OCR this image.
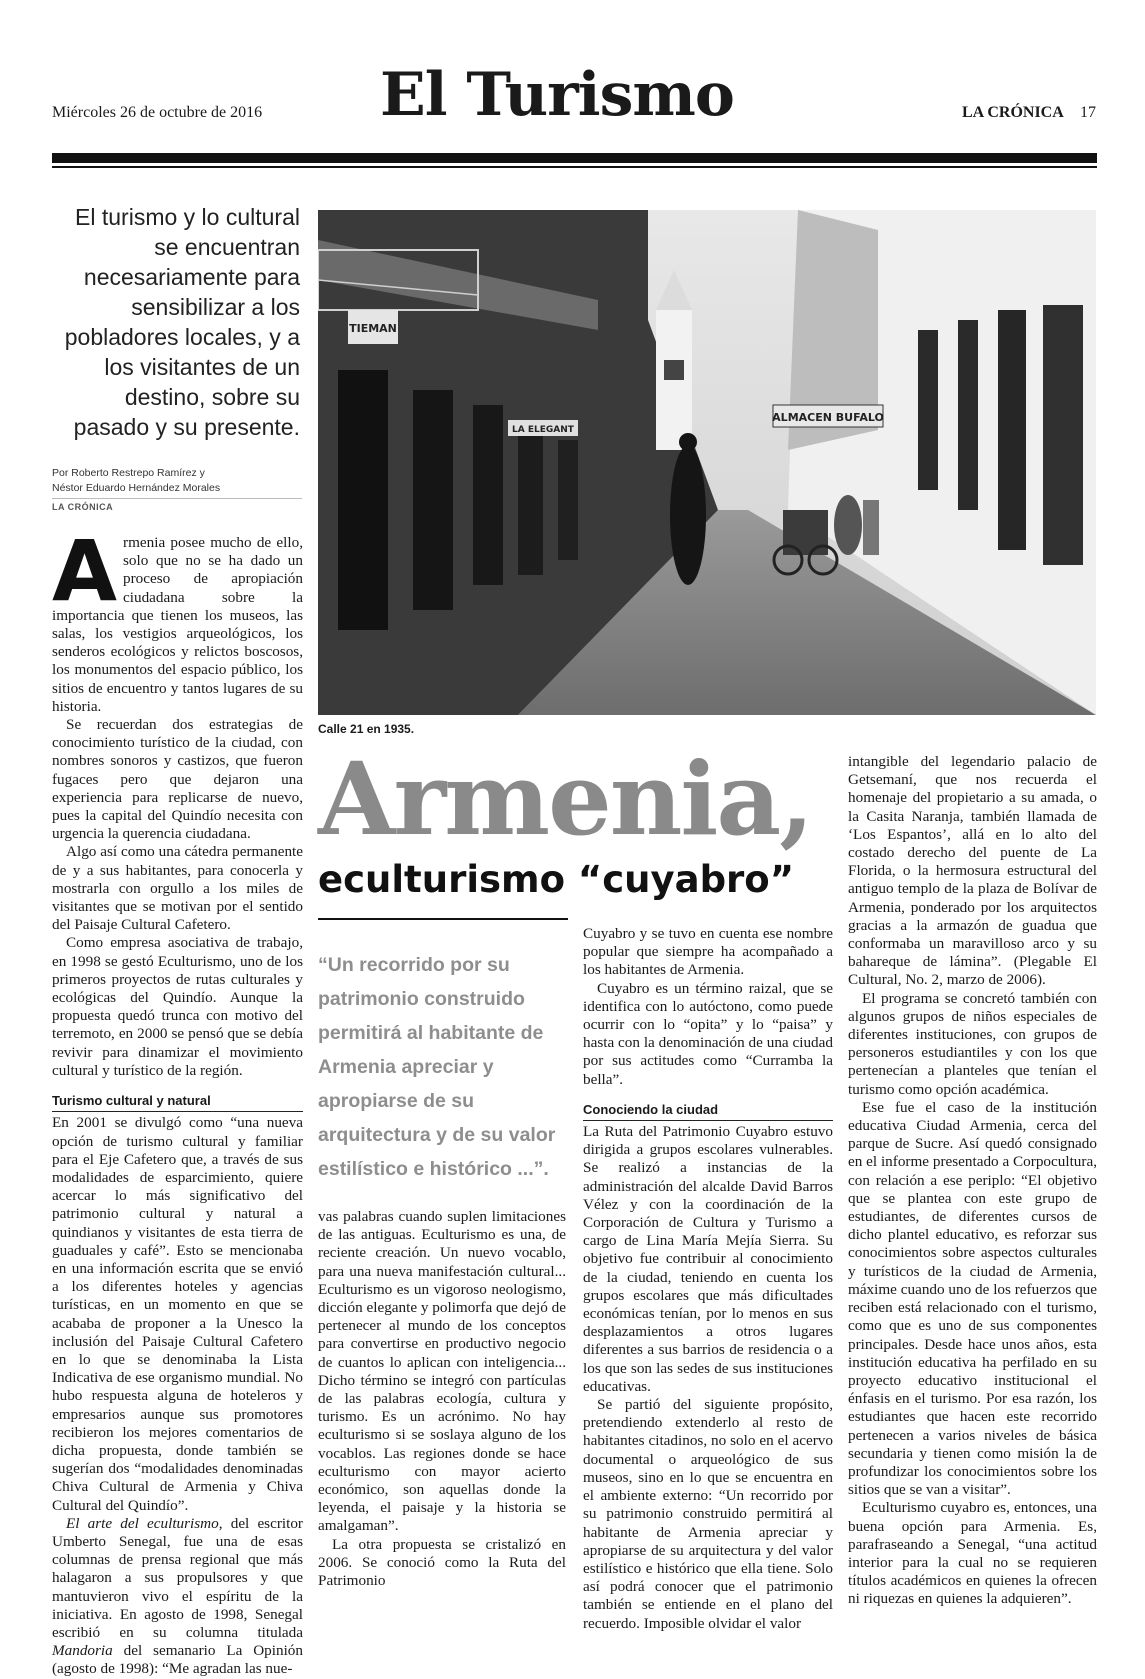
Miércoles 26 de octubre de 2016 El Turismo	LA CRÓNICA 17
El turismo y lo cultural se encuentran necesariamente para sensibilizar a los pobladores locales, y a los visitantes de un destino, sobre su pasado y su presente.
Por Roberto Restrepo Ramírez y
Néstor Eduardo Hernández Morales
LA CRÓNICA

Armenia posee mucho de ello, solo que no se ha dado un proceso de apropiación ciudadana sobre la importancia que tienen los museos, las salas, los vestigios arqueológicos, los senderos ecológicos y relictos boscosos, los monumentos del espacio público, los sitios de encuentro y tantos lugares de su historia.

Se recuerdan dos estrategias de conocimiento turístico de la ciudad, con nombres sonoros y castizos, que fueron fugaces pero que dejaron una experiencia para replicarse de nuevo, pues la capital del Quindío necesita con urgencia la querencia ciudadana.

Algo así como una cátedra permanente de y a sus habitantes, para conocerla y mostrarla con orgullo a los miles de visitantes que se motivan por el sentido del Paisaje Cultural Cafetero.

Como empresa asociativa de trabajo, en 1998 se gestó Eculturismo, uno de los primeros proyectos de rutas culturales y ecológicas del Quindío. Aunque la propuesta quedó trunca con motivo del terremoto, en 2000 se pensó que se debía revivir para dinamizar el movimiento cultural y turístico de la región.

Turismo cultural y natural

En 2001 se divulgó como “una nueva opción de turismo cultural y familiar para el Eje Cafetero que, a través de sus modalidades de esparcimiento, quiere acercar lo más significativo del patrimonio cultural y natural a quindianos y visitantes de esta tierra de guaduales y café”. Esto se mencionaba en una información escrita que se envió a los diferentes hoteles y agencias turísticas, en un momento en que se acababa de proponer a la Unesco la inclusión del Paisaje Cultural Cafetero en lo que se denominaba la Lista Indicativa de ese organismo mundial. No hubo respuesta alguna de hoteleros y empresarios aunque sus promotores recibieron los mejores comentarios de dicha propuesta, donde también se sugerían dos “modalidades denominadas Chiva Cultural de Armenia y Chiva Cultural del Quindío”.

El arte del eculturismo, del escritor Umberto Senegal, fue una de esas columnas de prensa regional que más halagaron a sus propulsores y que mantuvieron vivo el espíritu de la iniciativa. En agosto de 1998, Senegal escribió en su columna titulada Mandoria del semanario La Opinión (agosto de 1998): “Me agradan las nue-

TIEMAN
LA ELEGANT
ALMACEN BUFALO
Calle 21 en 1935.
Armenia,
eculturismo “cuyabro”
“Un recorrido por su patrimonio construido permitirá al habitante de Armenia apreciar y apropiarse de su arquitectura y de su valor estilístico e histórico ...”.

vas palabras cuando suplen limitaciones de las antiguas. Eculturismo es una, de reciente creación. Un nuevo vocablo, para una nueva manifestación cultural... Eculturismo es un vigoroso neologismo, dicción elegante y polimorfa que dejó de pertenecer al mundo de los conceptos para convertirse en productivo negocio de cuantos lo aplican con inteligencia... Dicho término se integró con partículas de las palabras ecología, cultura y turismo. Es un acrónimo. No hay eculturismo si se soslaya alguno de los vocablos. Las regiones donde se hace eculturismo con mayor acierto económico, son aquellas donde la leyenda, el paisaje y la historia se amalgaman”.

La otra propuesta se cristalizó en 2006. Se conoció como la Ruta del Patrimonio

Cuyabro y se tuvo en cuenta ese nombre popular que siempre ha acompañado a los habitantes de Armenia.

Cuyabro es un término raizal, que se identifica con lo autóctono, como puede ocurrir con lo “opita” y lo “paisa” y hasta con la denominación de una ciudad por sus actitudes como “Curramba la bella”.

Conociendo la ciudad

La Ruta del Patrimonio Cuyabro estuvo dirigida a grupos escolares vulnerables. Se realizó a instancias de la administración del alcalde David Barros Vélez y con la coordinación de la Corporación de Cultura y Turismo a cargo de Lina María Mejía Sierra. Su objetivo fue contribuir al conocimiento de la ciudad, teniendo en cuenta los grupos escolares que más dificultades económicas tenían, por lo menos en sus desplazamientos a otros lugares diferentes a sus barrios de residencia o a los que son las sedes de sus instituciones educativas.

Se partió del siguiente propósito, pretendiendo extenderlo al resto de habitantes citadinos, no solo en el acervo documental o arqueológico de sus museos, sino en lo que se encuentra en el ambiente externo: “Un recorrido por su patrimonio construido permitirá al habitante de Armenia apreciar y apropiarse de su arquitectura y del valor estilístico e histórico que ella tiene. Solo así podrá conocer que el patrimonio también se entiende en el plano del recuerdo. Imposible olvidar el valor

intangible del legendario palacio de Getsemaní, que nos recuerda el homenaje del propietario a su amada, o la Casita Naranja, también llamada de ‘Los Espantos’, allá en lo alto del costado derecho del puente de La Florida, o la hermosura estructural del antiguo templo de la plaza de Bolívar de Armenia, ponderado por los arquitectos gracias a la armazón de guadua que conformaba un maravilloso arco y su bahareque de lámina”. (Plegable El Cultural, No. 2, marzo de 2006).

El programa se concretó también con algunos grupos de niños especiales de diferentes instituciones, con grupos de personeros estudiantiles y con los que pertenecían a planteles que tenían el turismo como opción académica.

Ese fue el caso de la institución educativa Ciudad Armenia, cerca del parque de Sucre. Así quedó consignado en el informe presentado a Corpocultura, con relación a ese periplo: “El objetivo que se plantea con este grupo de estudiantes, de diferentes cursos de dicho plantel educativo, es reforzar sus conocimientos sobre aspectos culturales y turísticos de la ciudad de Armenia, máxime cuando uno de los refuerzos que reciben está relacionado con el turismo, como que es uno de sus componentes principales. Desde hace unos años, esta institución educativa ha perfilado en su proyecto educativo institucional el énfasis en el turismo. Por esa razón, los estudiantes que hacen este recorrido pertenecen a varios niveles de básica secundaria y tienen como misión la de profundizar los conocimientos sobre los sitios que se van a visitar”.

Eculturismo cuyabro es, entonces, una buena opción para Armenia. Es, parafraseando a Senegal, “una actitud interior para la cual no se requieren títulos académicos en quienes la ofrecen ni riquezas en quienes la adquieren”.
